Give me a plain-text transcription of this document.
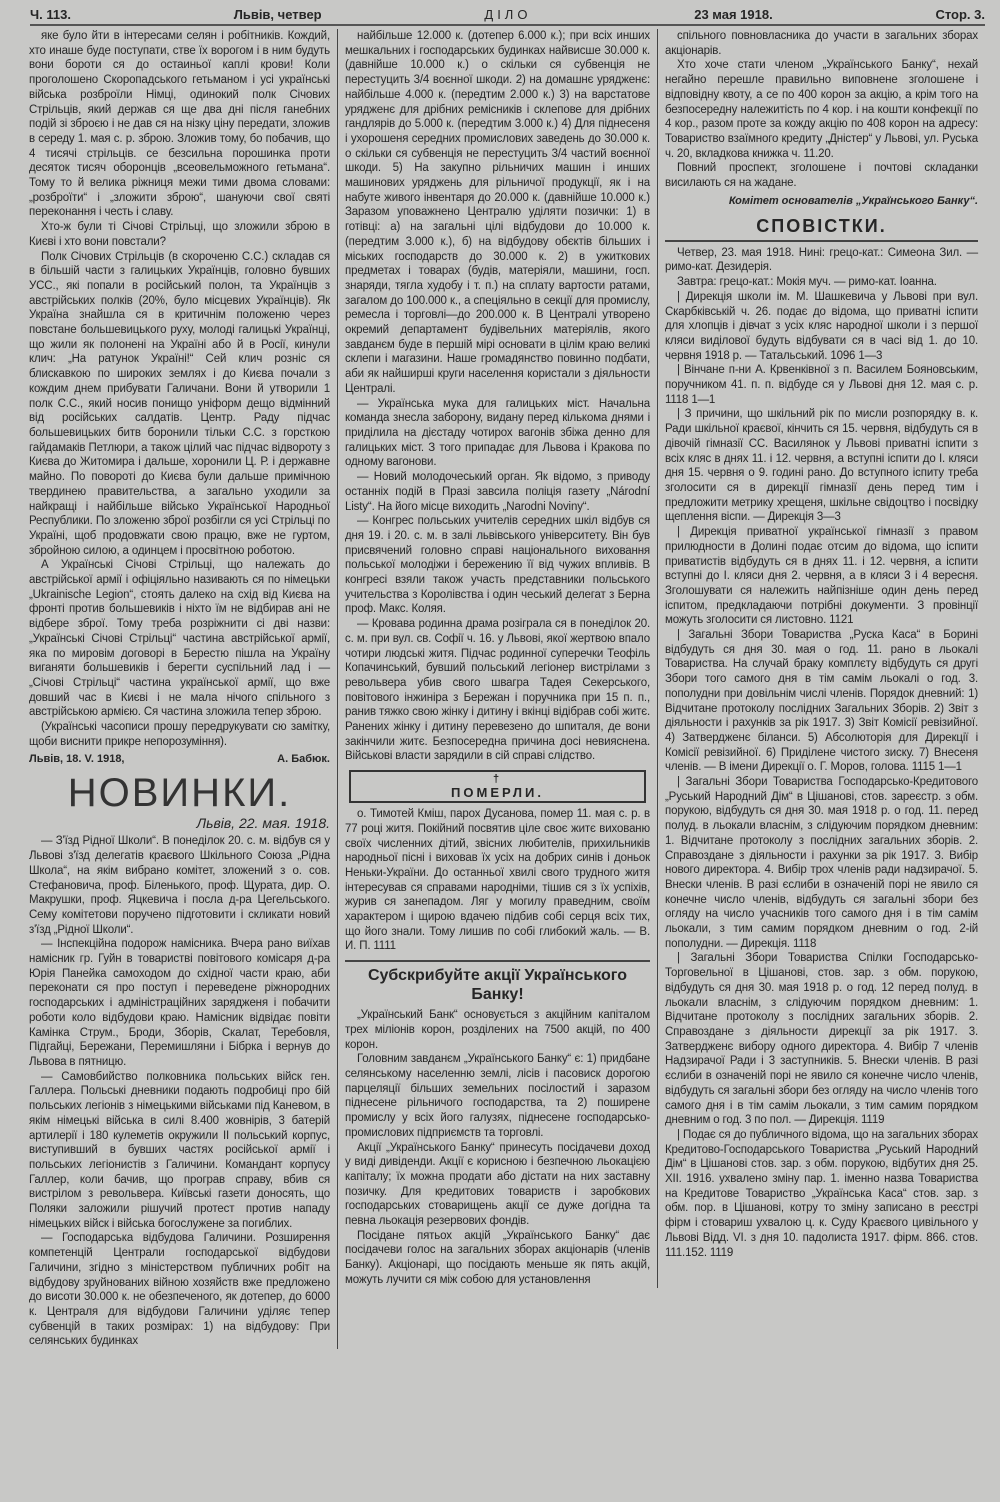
Ч. 113.	Львів, четвер	ДІЛО	23 мая 1918.	Стор. 3.

яке було йти в інтересами селян і робітників. Кождий, хто инаше буде поступати, стве їх ворогом і в ним будуть вони бороти ся до остаиньої каплі крови! Коли проголошено Скоропадського гетьманом і усі українські війська розброїли Німці, одинокий полк Січових Стрільців, який держав ся ще два дні після ганебних подій зі зброєю і не дав ся на нізку ціну передати, зложив в середу 1. мая с. р. зброю. Зложив тому, бо побачив, що 4 тисячі стрільців. се безсильна порошинка проти десяток тисяч оборонців „всеовельможного гетьмана“. Тому то й велика ріжниця межи тими двома словами: „розброїти“ і „зложити зброю“, шануючи свої святі переконання і честь і славу.

Хто-ж були ті Січові Стрільці, що зложили зброю в Києві і хто вони повстали?

Полк Січових Стрільців (в скороченю С.С.) складав ся в більшій части з галицьких Українців, головно бувших УСС., які попали в російський полон, та Українців з австрійських полків (20%, було місцевих Українців). Як Україна знайшла ся в критичнім положеню через повстане большевицького руху, молоді галицькі Українці, що жили як полонені на Україні або й в Росії, кинули клич: „На ратунок Україні!“ Сей клич розніс ся блискавкою по широких землях і до Києва почали з кождим днем прибувати Галичани. Вони й утворили 1 полк С.С., який носив понищо уніформ дещо відмінний від російських салдатів. Центр. Раду підчас большевицьких битв боронили тільки С.С. з горсткою гайдамаків Петлюри, а також цілий час підчас відвороту з Києва до Житомира і дальше, хоронили Ц. Р. і державне майно. По повороті до Києва були дальше примічною твердинею правительства, а загально уходили за найкращі і найбільше військо Української Народньої Республики. По зложеню зброї розбігли ся усі Стрільці по Україні, щоб продовжати свою працю, вже не гуртом, збройною силою, а одинцем і просвітною роботою.

А Українські Січові Стрільці, що належать до австрійської армії і офіціяльно називають ся по німецьки „Ukrainische Legion“, стоять далеко на схід від Києва на фронті против большевиків і ніхто їм не відбирав ані не відбере зброї. Тому треба розріжнити сі дві назви: „Українські Січові Стрільці“ частина австрійської армії, яка по мировім договорі в Берестю пішла на Україну виганяти большевиків і берегти суспільний лад і — „Січові Стрільці“ частина української армії, що вже довший час в Києві і не мала нічого спільного з австрійською армією. Ся частина зложила тепер зброю.

(Українські часописи прошу передрукувати сю замітку, щоби виснити прикре непорозуміння).

Львів, 18. V. 1918,	А. Бабюк.
НОВИНКИ.
Львів, 22. мая. 1918.

— З'їзд Рідної Школи“. В понеділок 20. с. м. відбув ся у Львові з'їзд делегатів краєвого Шкільного Союза „Рідна Школа“, на якім вибрано комітет, зложений з о. сов. Стефановича, проф. Біленького, проф. Щурата, дир. О. Макрушки, проф. Яцкевича і посла д-ра Цегельського. Сему комітетови поручено підготовити і скликати новий з'їзд „Рідної Школи“.

— Інспекційна подорож намісника. Вчера рано виїхав намісник гр. Гуйн в товаристві повітового комісаря д-ра Юрія Панейка самоходом до східної части краю, аби переконати ся про поступ і переведене ріжнородних господарських і адміністраційних зарядженя і побачити роботи коло відбудови краю. Намісник відвідає повіти Камінка Струм., Броди, Зборів, Скалат, Теребовля, Підгайці, Бережани, Перемишляни і Бібрка і вернув до Львова в пятницю.

— Самовбийство полковника польських війск ген. Галлера. Польські дневники подають подробиці про бій польських легіонів з німецькими військами під Каневом, в якім німецькі війська в силі 8.400 жовнірів, 3 батерій артилерії і 180 кулеметів окружили II польський корпус, виступивший в бувших частях російської армії і польських легіонистів з Галичини. Командант корпусу Галлер, коли бачив, що програв справу, вбив ся вистрілом з револьвера. Київські газети доносять, що Поляки заложили рішучий протест против нападу німецьких війск і війська богослужене за погиблих.

— Господарська відбудова Галичини. Розширення компетенцій Централи господарської відбудови Галичини, згідно з міністерством публичних робіт на відбудову зруйнованих війною хозяйств вже предложено до висоти 30.000 к. не обезпеченого, як дотепер, до 6000 к. Централя для відбудови Галичини уділяє тепер субвенцій в таких розмірах: 1) на відбудову: При селянських будинках

найбільше 12.000 к. (дотепер 6.000 к.); при всіх инших мешкальних і господарських будинках найвисше 30.000 к. (давнійше 10.000 к.) о скільки ся субвенція не перестуцить 3/4 воєнної шкоди. 2) на домашнє урядженє: найбільше 4.000 к. (передтим 2.000 к.) 3) на варстатове урядженє для дрібних ремісників і склепове для дрібних гандлярів до 5.000 к. (передтим 3.000 к.) 4) Для піднесеня і ухорошеня середних промислових заведень до 30.000 к. о скільки ся субвенція не перестуцить 3/4 частий воєнної шкоди. 5) На закупно рільничих машин і инших машинових уряджень для рільничої продукції, як і на набуте живого інвентаря до 20.000 к. (давнійше 10.000 к.) Заразом уповажнено Централю уділяти позички: 1) в готівці: а) на загальні цілі відбудови до 10.000 к. (передтим 3.000 к.), б) на відбудову обєктів більших і міських господарств до 30.000 к. 2) в ужиткових предметах і товарах (будів, матеріяли, машини, госп. знаряди, тягла худобу і т. п.) на сплату вартости ратами, загалом до 100.000 к., а спеціяльно в секції для промислу, ремесла і торговлі—до 200.000 к. В Централі утворено окремий департамент будівельних матеріялів, якого завданєм буде в першій мірі основати в цілім краю великі склепи і магазини. Наше громадянство повинно подбати, аби як найширші круги населення користали з діяльности Централі.

— Українська мука для галицьких міст. Начальна команда знесла заборону, видану перед кількома днями і приділила на дієстаду чотирох вагонів збіжа денно для галицьких міст. З того припадає для Львова і Кракова по одному вагонови.

— Новий молодочеський орган. Як відомо, з приводу останніх подій в Празі завсила поліція газету „Národní Listy“. На його місце виходить „Narodni Noviny“.

— Конгрес польських учителів середних шкіл відбув ся дня 19. і 20. с. м. в залі львівського університету. Він був присвячений головно справі національного виховання польської молодіжи і бережению її від чужих впливів. В конгресі взяли також участь представники польського учительства з Королівства і один чеський делегат з Берна проф. Макс. Коляя.

— Кровава родинна драма розіграла ся в понеділок 20. с. м. при вул. св. Софії ч. 16. у Львові, якої жертвою впало чотири людські житя. Підчас родинної суперечки Теофіль Копачинський, бувший польський легіонер вистрілами з револьвера убив свого швагра Тадея Секерського, повітового інжиніра з Бережан і поручника при 15 п. п., ранив тяжко свою жінку і дитину і вкінці відібрав собі житє. Ранених жінку і дитину перевезено до шпиталя, де вони закінчили житє. Безпосередна причина досі невияснена. Військові власти зарядили в сій справі слідство.

†
ПОМЕРЛИ.

о. Тимотей Кміш, парох Дусанова, помер 11. мая с. р. в 77 році житя. Покійний посвятив ціле своє житє вихованю своїх численних дітий, звісних любителів, прихильників народньої пісні і виховав їх усіх на добрих синів і доньок Неньки-України. До останньої хвилі свого трудного житя інтересував ся справами народніми, тішив ся з їх успіхів, журив ся занепадом. Ляг у могилу праведним, своїм характером і щирою вдачею підбив собі серця всіх тих, що його знали. Тому лишив по собі глибокий жаль. — В. И. П. 1111

Субскрибуйте акції Українського Банку!

„Український Банк“ основується з акційним капіталом трех міліонів корон, розділених на 7500 акцій, по 400 корон.

Головним завданєм „Українського Банку“ є: 1) придбане селянському населенню землі, лісів і пасовиск дорогою парцеляції більших земельних посілостий і заразом піднесене рільничого господарства, та 2) поширене промислу у всіх його галузях, піднесене господарсько-промислових підприємств та торговлі.

Акції „Українського Банку“ принесуть посідачеви доход у виді дивіденди. Акції є корисною і безпечною льокацією капіталу; їх можна продати або дістати на них заставну позичку. Для кредитових товариств і заробкових господарських стоварищень акції се дуже догідна та певна льокація резервових фондів.

Посідане пятьох акцій „Українського Банку“ дає посідачеви голос на загальних зборах акціонарів (членів Банку). Акціонарі, що посідають меньше як пять акцій, можуть лучити ся між собою для установлення

спільного повновласника до участи в загальних зборах акціонарів.

Хто хоче стати членом „Українського Банку“, нехай негайно перешле правильно виповнене зголошене і відповідну квоту, а се по 400 корон за акцію, а крім того на безпосередну належитість по 4 кор. і на кошти конфекції по 4 кор., разом проте за кожду акцію по 408 корон на адресу: Товариство взаїмного кредиту „Дністер“ у Львові, ул. Руська ч. 20, вкладкова книжка ч. 11.20.

Повний проспект, зголошене і почтові складанки висилають ся на жадане.

Комітет основателів „Українського Банку“.
СПОВІСТКИ.

Четвер, 23. мая 1918. Нині: грецо-кат.: Симеона Зил. — римо-кат. Дезидерія.

Завтра: грецо-кат.: Мокія муч. — римо-кат. Іоанна.

| Дирекція школи ім. М. Шашкевича у Львові при вул. Скарбківській ч. 26. подає до відома, що приватні іспити для хлопців і дівчат з усіх кляс народної школи і з першої кляси виділової будуть відбувати ся в часі від 1. до 10. червня 1918 р. — Татальський. 1096 1—3

| Вінчане п-ни А. Крвенківної з п. Василем Бояновським, поручником 41. п. п. відбуде ся у Львові дня 12. мая с. р. 1118 1—1

| З причини, що шкільний рік по мисли розпорядку в. к. Ради шкільної краєвої, кінчить ся 15. червня, відбудуть ся в дівочій гімназії СС. Василянок у Львові приватні іспити з всіх кляс в днях 11. і 12. червня, а вступні іспити до I. кляси дня 15. червня о 9. годині рано. До вступного іспиту треба зголосити ся в дирекції гімназії день перед тим і предложити метрику хрещеня, шкільне свідоцтво і посвідку щеплення віспи. — Дирекція 3—3

| Дирекція приватної української гімназії з правом прилюдности в Долині подає отсим до відома, що іспити приватистів відбудуть ся в днях 11. і 12. червня, а іспити вступні до I. кляси дня 2. червня, а в кляси 3 і 4 вересня. Зголошувати ся належить найпізніше один день перед іспитом, предкладаючи потрібні документи. З провінції можуть зголосити ся листовно. 1121

| Загальні Збори Товариства „Руска Каса“ в Борині відбудуть ся дня 30. мая о год. 11. рано в льокалі Товариства. На случай браку комплєту відбудуть ся другі Збори того самого дня в тім самім льокалі о год. 3. пополудни при довільнім числі членів. Порядок дневний: 1) Відчитане протоколу послідних Загальних Зборів. 2) Звіт з діяльности і рахунків за рік 1917. 3) Звіт Комісії ревізийної. 4) Затвердженє біланси. 5) Абсолюторія для Дирекції і Комісії ревізийної. 6) Приділене чистого зиску. 7) Внесеня членів. — В імени Дирекції о. Г. Моров, голова. 1115 1—1

| Загальні Збори Товариства Господарсько-Кредитового „Руський Народний Дім“ в Цішанові, стов. зареєстр. з обм. порукою, відбудуть ся дня 30. мая 1918 р. о год. 11. перед полуд. в льокали власнім, з слідуючим порядком дневним: 1. Відчитане протоколу з послідних загальних зборів. 2. Справоздане з діяльности і рахунки за рік 1917. 3. Вибір нового директора. 4. Вибір трох членів ради надзирачої. 5. Внески членів. В разі єслиби в означеній порі не явило ся конечне число членів, відбудуть ся загальні збори без огляду на число учасників того самого дня і в тім самім льокали, з тим самим порядком дневним о год. 2-ій пополудни. — Дирекція. 1118

| Загальні Збори Товариства Спілки Господарсько-Торговельної в Цішанові, стов. зар. з обм. порукою, відбудуть ся дня 30. мая 1918 р. о год. 12 перед полуд. в льокали власнім, з слідуючим порядком дневним: 1. Відчитане протоколу з послідних загальних зборів. 2. Справоздане з діяльности дирекції за рік 1917. 3. Затвердженє вибору одного директора. 4. Вибір 7 членів Надзирачої Ради і 3 заступників. 5. Внески членів. В разі єслиби в означеній порі не явило ся конечне число членів, відбудуть ся загальні збори без огляду на число членів того самого дня і в тім самім льокали, з тим самим порядком дневним о год. 3 по пол. — Дирекція. 1119

| Подає ся до публичного відома, що на загальних зборах Кредитово-Господарського Товариства „Руський Народний Дім“ в Цішанові стов. зар. з обм. порукою, відбутих дня 25. XII. 1916. ухвалено зміну пар. 1. іменно назва Товариства на Кредитове Товариство „Українська Каса“ стов. зар. з обм. пор. в Цішанові, котру то зміну записано в реєстрі фірм і стовариш ухвалою ц. к. Суду Краєвого цивільного у Львові Відд. VI. з дня 10. падолиста 1917. фірм. 866. стов. 111.152. 1119
